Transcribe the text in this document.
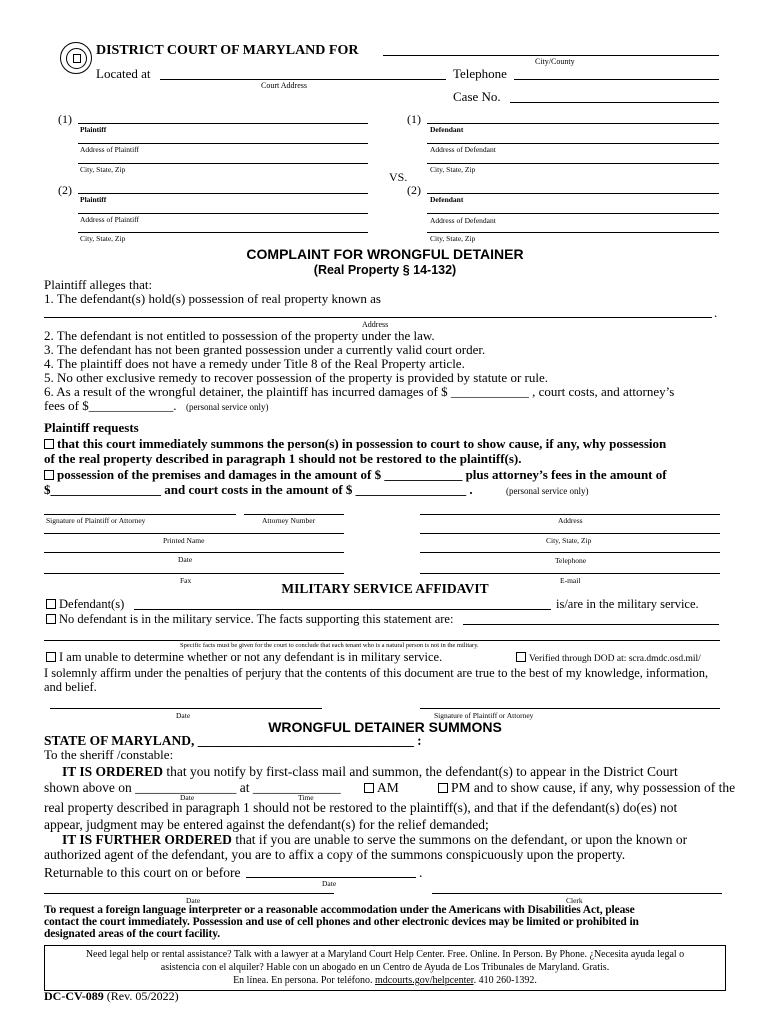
DISTRICT COURT OF MARYLAND FOR
City/County
Located at
Court Address
Telephone
Case No.
(1)
Plaintiff
Address of Plaintiff
City, State, Zip
(2)
Plaintiff
Address of Plaintiff
City, State, Zip
VS.
(1)
Defendant
Address of Defendant
City, State, Zip
(2)
Defendant
Address of Defendant
City, State, Zip
COMPLAINT FOR WRONGFUL DETAINER
(Real Property § 14-132)
Plaintiff alleges that:
1. The defendant(s) hold(s) possession of real property known as
.
Address
2. The defendant is not entitled to possession of the property under the law.
3. The defendant has not been granted possession under a currently valid court order.
4. The plaintiff does not have a remedy under Title 8 of the Real Property article.
5. No other exclusive remedy to recover possession of the property is provided by statute or rule.
6. As a result of the wrongful detainer, the plaintiff has incurred damages of $ ____________ , court costs, and attorney’s
fees of $_____________. (personal service only)
Plaintiff requests
that this court immediately summons the person(s) in possession to court to show cause, if any, why possession
of the real property described in paragraph 1 should not be restored to the plaintiff(s).
possession of the premises and damages in the amount of $ ____________ plus attorney’s fees in the amount of
$_________________ and court costs in the amount of $ _________________ .	(personal service only)
Signature of Plaintiff or Attorney	Attorney Number	Address
Printed Name	City, State, Zip
Date	Telephone
Fax	E-mail
MILITARY SERVICE AFFIDAVIT
Defendant(s)	is/are in the military service.
No defendant is in the military service. The facts supporting this statement are:
Specific facts must be given for the court to conclude that each tenant who is a natural person is not in the military.
I am unable to determine whether or not any defendant is in military service.	Verified through DOD at: scra.dmdc.osd.mil/
I solemnly affirm under the penalties of perjury that the contents of this document are true to the best of my knowledge, information,
and belief.
Date	Signature of Plaintiff or Attorney
WRONGFUL DETAINER SUMMONS
STATE OF MARYLAND, ________________________________ :
To the sheriff /constable:
IT IS ORDERED that you notify by first-class mail and summon, the defendant(s) to appear in the District Court
shown above on _______________ at _____________	AM	PM and to show cause, if any, why possession of the
Date	Time
real property described in paragraph 1 should not be restored to the plaintiff(s), and that if the defendant(s) do(es) not
appear, judgment may be entered against the defendant(s) for the relief demanded;
IT IS FURTHER ORDERED that if you are unable to serve the summons on the defendant, or upon the known or
authorized agent of the defendant, you are to affix a copy of the summons conspicuously upon the property.
Returnable to this court on or before	.
Date
Date	Clerk
To request a foreign language interpreter or a reasonable accommodation under the Americans with Disabilities Act, please
contact the court immediately. Possession and use of cell phones and other electronic devices may be limited or prohibited in
designated areas of the court facility.

Need legal help or rental assistance? Talk with a lawyer at a Maryland Court Help Center. Free. Online. In Person. By Phone. ¿Necesita ayuda legal o

asistencia con el alquiler? Hable con un abogado en un Centro de Ayuda de Los Tribunales de Maryland. Gratis.

En línea. En persona. Por teléfono. mdcourts.gov/helpcenter. 410 260-1392.

DC-CV-089 (Rev. 05/2022)
